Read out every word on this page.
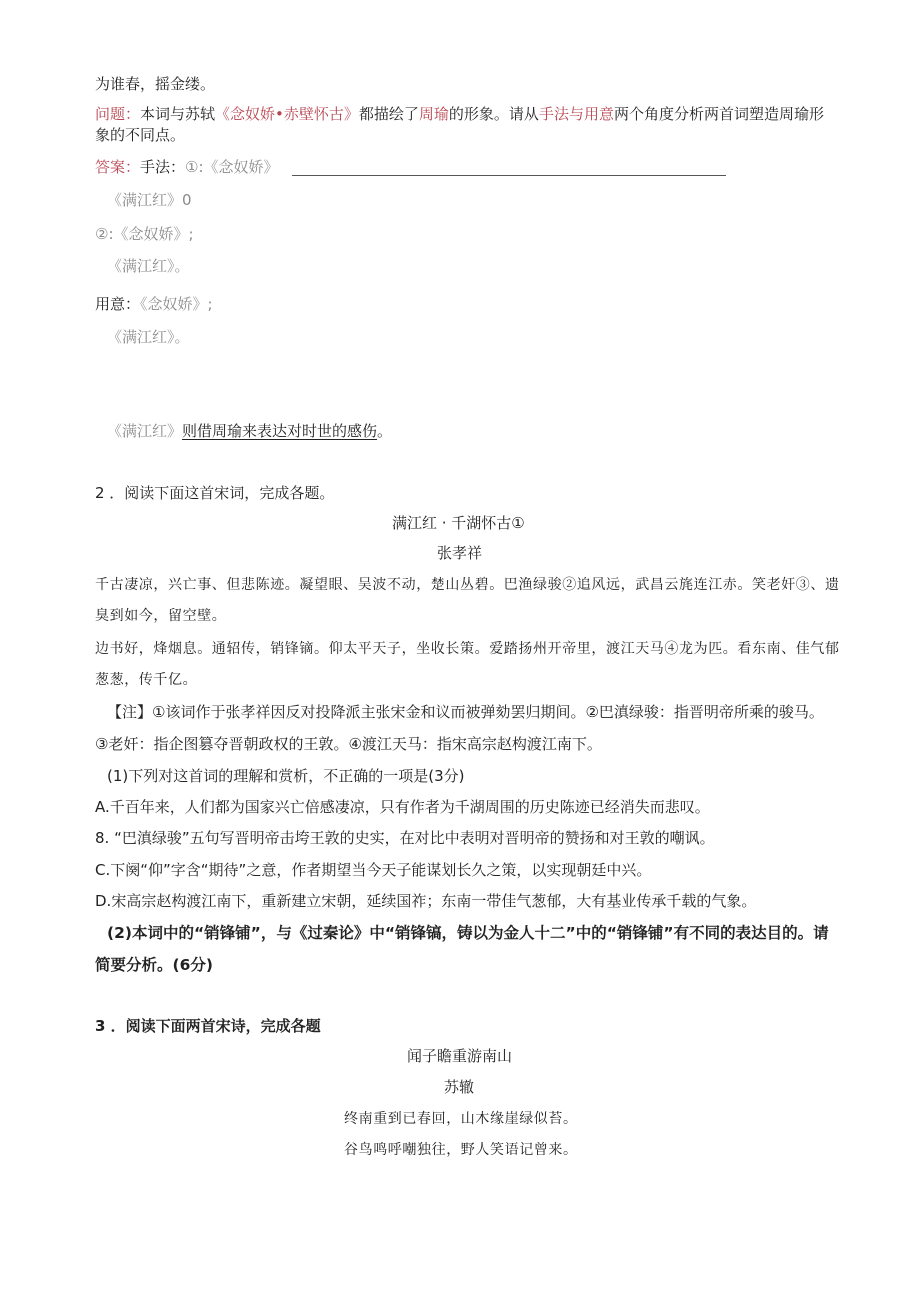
为谁春，摇金缕。
问题：本词与苏轼《念奴娇•赤壁怀古》都描绘了周瑜的形象。请从手法与用意两个角度分析两首词塑造周瑜形
象的不同点。
答案：手法：①:《念奴娇》
《满江红》0
②:《念奴娇》;
《满江红》。
用意：《念奴娇》;
《满江红》。
《满江红》则借周瑜来表达对时世的感伤。
2 ．阅读下面这首宋词，完成各题。
满江红 · 千湖怀古①
张孝祥
千古凄凉，兴亡事、但悲陈迹。凝望眼、吴波不动，楚山丛碧。巴渔绿骏②追风远，武昌云旄连江赤。笑老奸③、遗
臭到如今，留空壁。
边书好，烽烟息。通轺传，销锋镝。仰太平天子，坐收长策。爱踏扬州开帝里，渡江天马④龙为匹。看东南、佳气郁
葱葱，传千亿。
【注】①该词作于张孝祥因反对投降派主张宋金和议而被弹劾罢归期间。②巴滇绿骏：指晋明帝所乘的骏马。
③老奸：指企图篡夺晋朝政权的王敦。④渡江天马：指宋高宗赵构渡江南下。
(1)下列对这首词的理解和赏析，不正确的一项是(3分)
A.千百年来，人们都为国家兴亡倍感凄凉，只有作者为千湖周围的历史陈迹已经消失而悲叹。
8. “巴滇绿骏”五句写晋明帝击垮王敦的史实，在对比中表明对晋明帝的赞扬和对王敦的嘲讽。
C.下阕“仰”字含“期待”之意，作者期望当今天子能谋划长久之策，以实现朝廷中兴。
D.宋高宗赵构渡江南下，重新建立宋朝，延续国祚；东南一带佳气葱郁，大有基业传承千载的气象。
(2)本词中的“销锋铺”，与《过秦论》中“销锋镐，铸以为金人十二”中的“销锋铺”有不同的表达目的。请
简要分析。(6分)
3 ．阅读下面两首宋诗，完成各题
闻子瞻重游南山
苏辙
终南重到已春回，山木缘崖绿似苔。
谷鸟鸣呼嘲独往，野人笑语记曾来。
